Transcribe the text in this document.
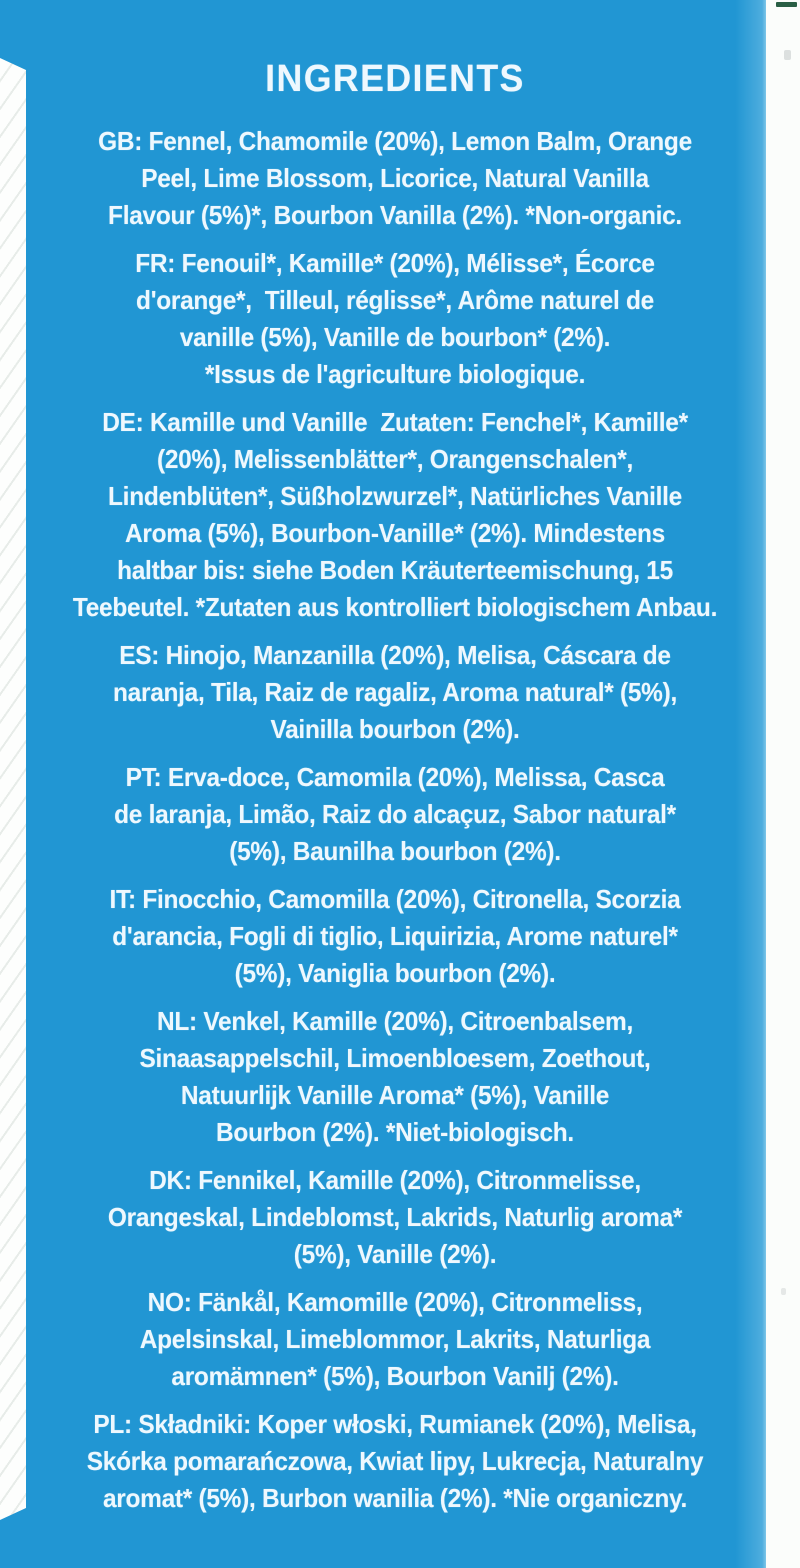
INGREDIENTS
GB: Fennel, Chamomile (20%), Lemon Balm, Orange
Peel, Lime Blossom, Licorice, Natural Vanilla
Flavour (5%)*, Bourbon Vanilla (2%). *Non-organic.
FR: Fenouil*, Kamille* (20%), Mélisse*, Écorce
d'orange*,  Tilleul, réglisse*, Arôme naturel de
vanille (5%), Vanille de bourbon* (2%).
*Issus de l'agriculture biologique.
DE: Kamille und Vanille  Zutaten: Fenchel*, Kamille*
(20%), Melissenblätter*, Orangenschalen*,
Lindenblüten*, Süßholzwurzel*, Natürliches Vanille
Aroma (5%), Bourbon-Vanille* (2%). Mindestens
haltbar bis: siehe Boden Kräuterteemischung, 15
Teebeutel. *Zutaten aus kontrolliert biologischem Anbau.
ES: Hinojo, Manzanilla (20%), Melisa, Cáscara de
naranja, Tila, Raiz de ragaliz, Aroma natural* (5%),
Vainilla bourbon (2%).
PT: Erva-doce, Camomila (20%), Melissa, Casca
de laranja, Limão, Raiz do alcaçuz, Sabor natural*
(5%), Baunilha bourbon (2%).
IT: Finocchio, Camomilla (20%), Citronella, Scorzia
d'arancia, Fogli di tiglio, Liquirizia, Arome naturel*
(5%), Vaniglia bourbon (2%).
NL: Venkel, Kamille (20%), Citroenbalsem,
Sinaasappelschil, Limoenbloesem, Zoethout,
Natuurlijk Vanille Aroma* (5%), Vanille
Bourbon (2%). *Niet-biologisch.
DK: Fennikel, Kamille (20%), Citronmelisse,
Orangeskal, Lindeblomst, Lakrids, Naturlig aroma*
(5%), Vanille (2%).
NO: Fänkål, Kamomille (20%), Citronmeliss,
Apelsinskal, Limeblommor, Lakrits, Naturliga
aromämnen* (5%), Bourbon Vanilj (2%).
PL: Składniki: Koper włoski, Rumianek (20%), Melisa,
Skórka pomarańczowa, Kwiat lipy, Lukrecja, Naturalny
aromat* (5%), Burbon wanilia (2%). *Nie organiczny.
